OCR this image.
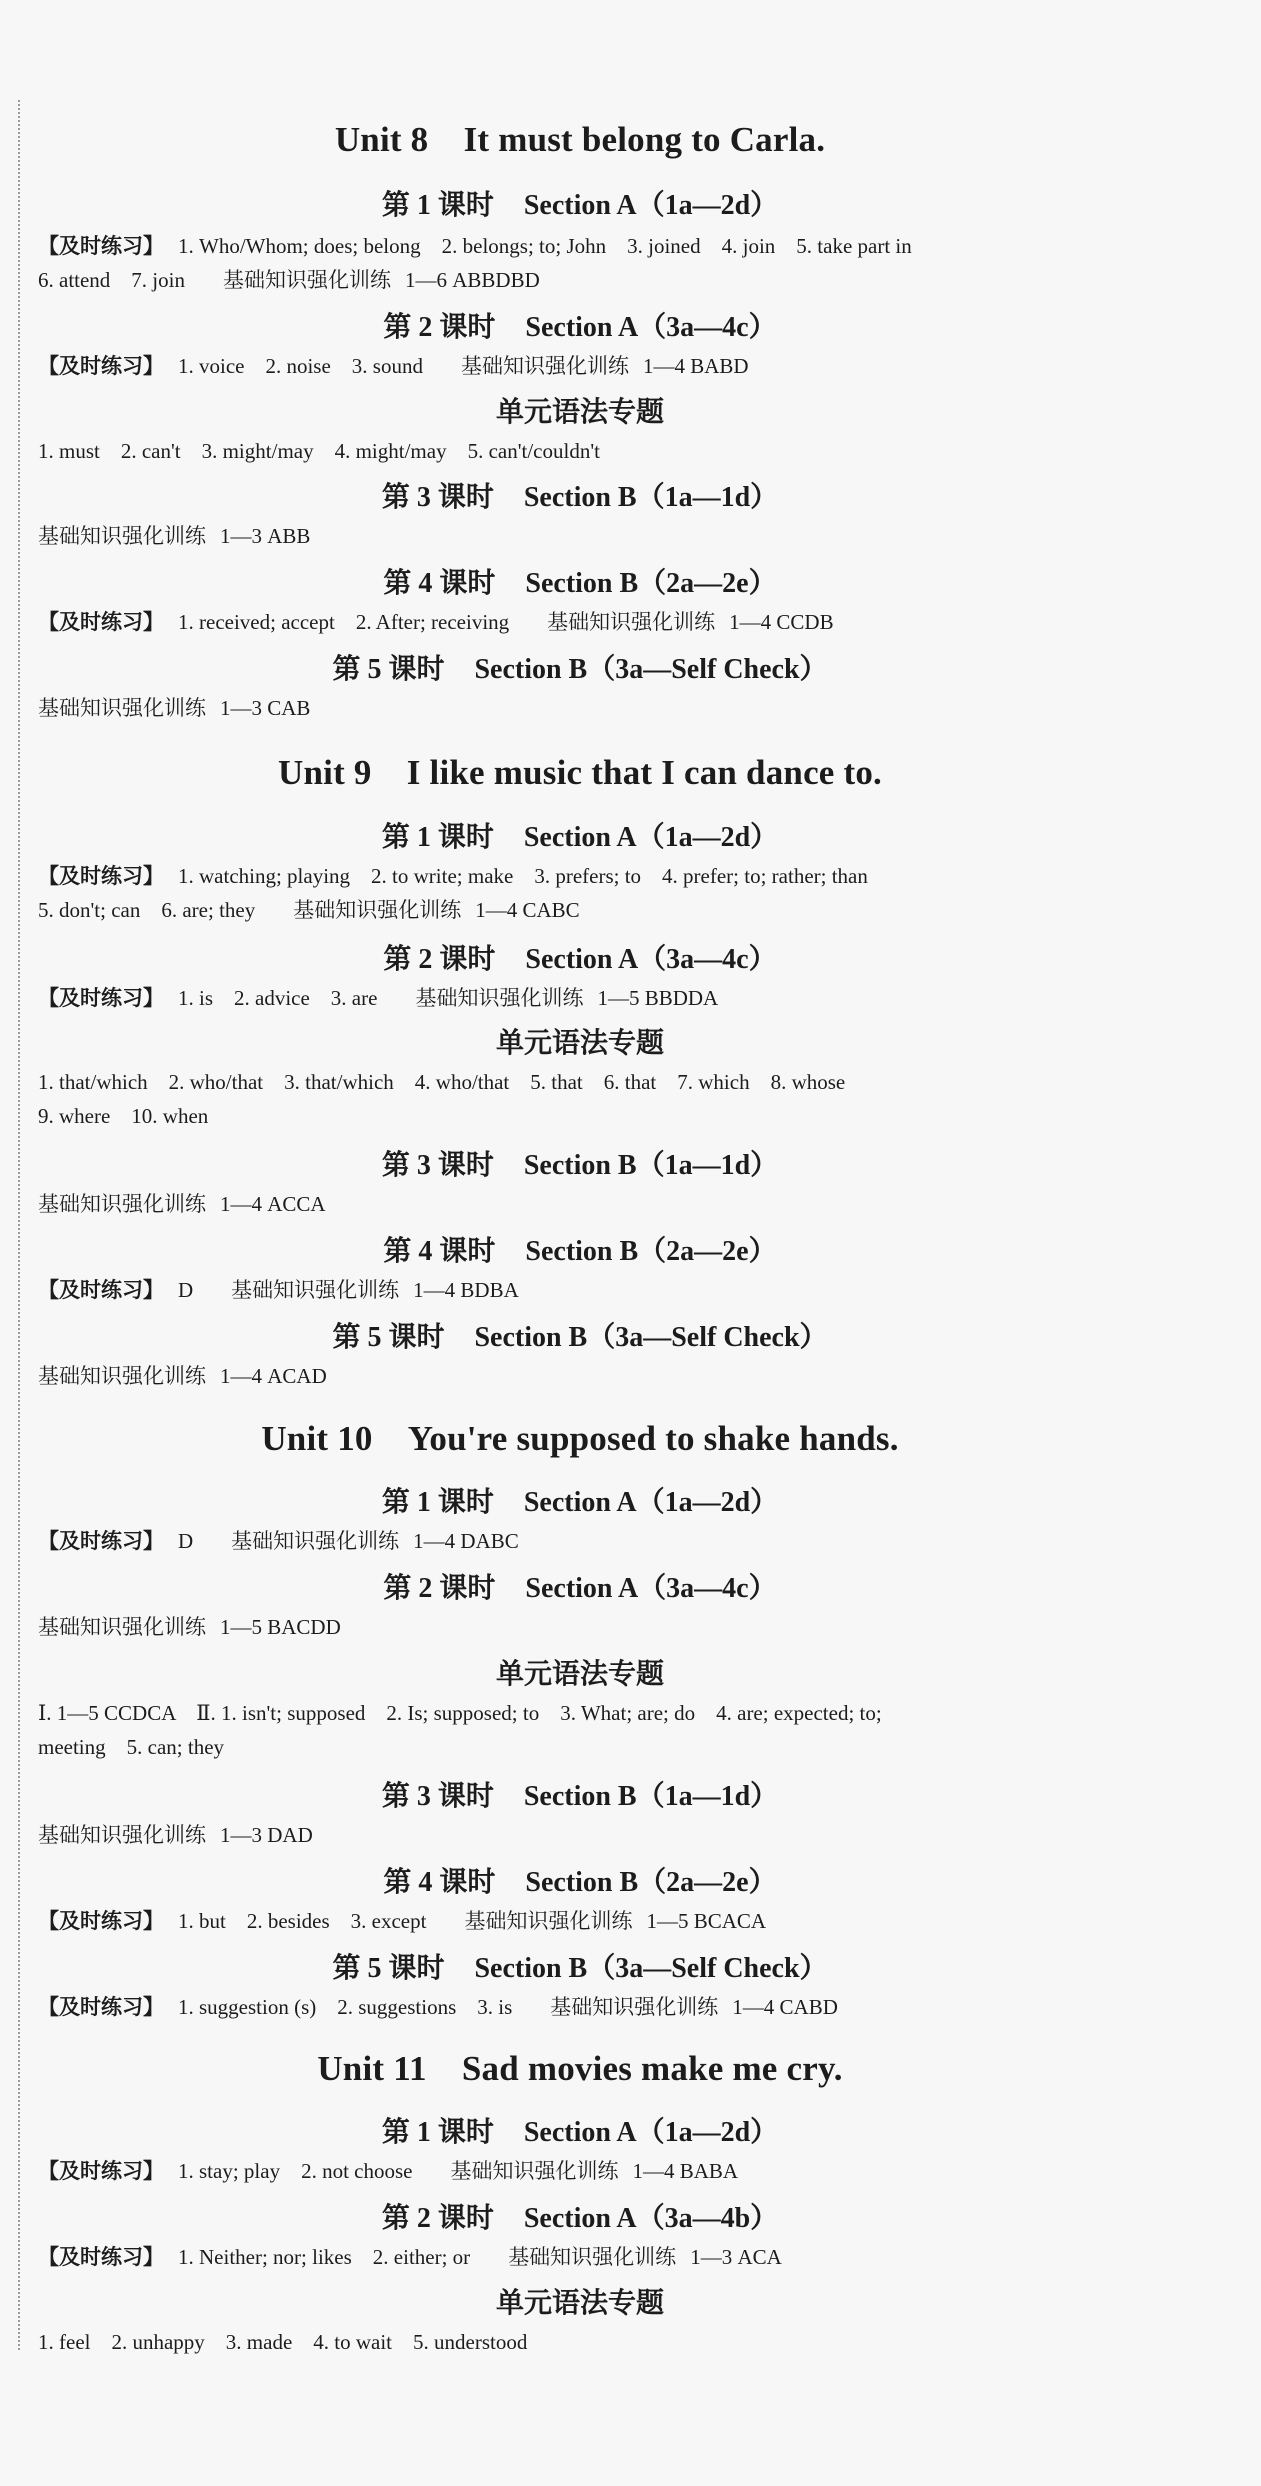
Unit 8　It must belong to Carla.
第 1 课时 Section A（1a—2d）
【及时练习】 1. Who/Whom; does; belong　2. belongs; to; John　3. joined　4. join　5. take part in
6. attend　7. join 基础知识强化训练 1—6 ABBDBD
第 2 课时 Section A（3a—4c）
【及时练习】 1. voice　2. noise　3. sound 基础知识强化训练 1—4 BABD
单元语法专题
1. must　2. can't　3. might/may　4. might/may　5. can't/couldn't
第 3 课时 Section B（1a—1d）
基础知识强化训练 1—3 ABB
第 4 课时 Section B（2a—2e）
【及时练习】 1. received; accept　2. After; receiving 基础知识强化训练 1—4 CCDB
第 5 课时 Section B（3a—Self Check）
基础知识强化训练 1—3 CAB
Unit 9　I like music that I can dance to.
第 1 课时 Section A（1a—2d）
【及时练习】 1. watching; playing　2. to write; make　3. prefers; to　4. prefer; to; rather; than
5. don't; can　6. are; they 基础知识强化训练 1—4 CABC
第 2 课时 Section A（3a—4c）
【及时练习】 1. is　2. advice　3. are 基础知识强化训练 1—5 BBDDA
单元语法专题
1. that/which　2. who/that　3. that/which　4. who/that　5. that　6. that　7. which　8. whose
9. where　10. when
第 3 课时 Section B（1a—1d）
基础知识强化训练 1—4 ACCA
第 4 课时 Section B（2a—2e）
【及时练习】 D 基础知识强化训练 1—4 BDBA
第 5 课时 Section B（3a—Self Check）
基础知识强化训练 1—4 ACAD
Unit 10　You're supposed to shake hands.
第 1 课时 Section A（1a—2d）
【及时练习】 D 基础知识强化训练 1—4 DABC
第 2 课时 Section A（3a—4c）
基础知识强化训练 1—5 BACDD
单元语法专题
Ⅰ. 1—5 CCDCA　Ⅱ. 1. isn't; supposed　2. Is; supposed; to　3. What; are; do　4. are; expected; to;
meeting　5. can; they
第 3 课时 Section B（1a—1d）
基础知识强化训练 1—3 DAD
第 4 课时 Section B（2a—2e）
【及时练习】 1. but　2. besides　3. except 基础知识强化训练 1—5 BCACA
第 5 课时 Section B（3a—Self Check）
【及时练习】 1. suggestion (s)　2. suggestions　3. is 基础知识强化训练 1—4 CABD
Unit 11　Sad movies make me cry.
第 1 课时 Section A（1a—2d）
【及时练习】 1. stay; play　2. not choose 基础知识强化训练 1—4 BABA
第 2 课时 Section A（3a—4b）
【及时练习】 1. Neither; nor; likes　2. either; or 基础知识强化训练 1—3 ACA
单元语法专题
1. feel　2. unhappy　3. made　4. to wait　5. understood
